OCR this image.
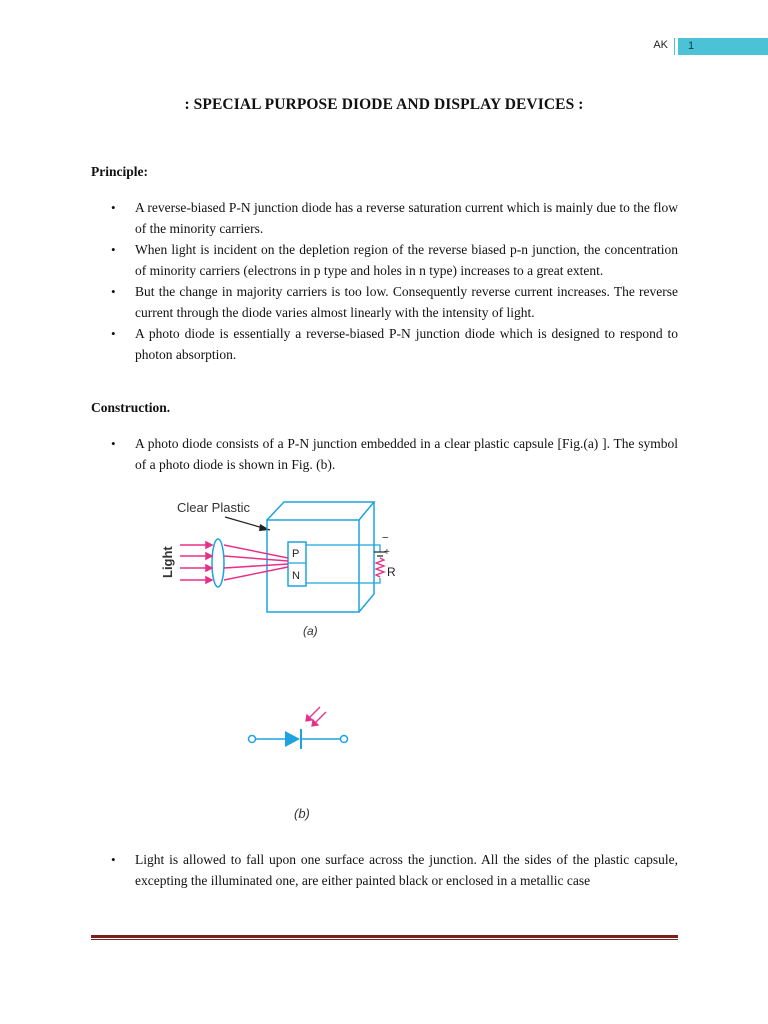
AK	1
: SPECIAL PURPOSE DIODE AND DISPLAY DEVICES :
Principle:
• A reverse-biased P-N junction diode has a reverse saturation current which is mainly due to the flow of the minority carriers.
• When light is incident on the depletion region of the reverse biased p-n junction, the concentration of minority carriers (electrons in p type and holes in n type) increases to a great extent.
• But the change in majority carriers is too low. Consequently reverse current increases. The reverse current through the diode varies almost linearly with the intensity of light.
• A photo diode is essentially a reverse-biased P-N junction diode which is designed to respond to photon absorption.
Construction.
• A photo diode consists of a P-N junction embedded in a clear plastic capsule [Fig.(a) ]. The symbol of a photo diode is shown in Fig. (b).
Clear Plastic
P
N
−
+
R
Light
(a)
(b)
• Light is allowed to fall upon one surface across the junction. All the sides of the plastic capsule, excepting the illuminated one, are either painted black or enclosed in a metallic case
